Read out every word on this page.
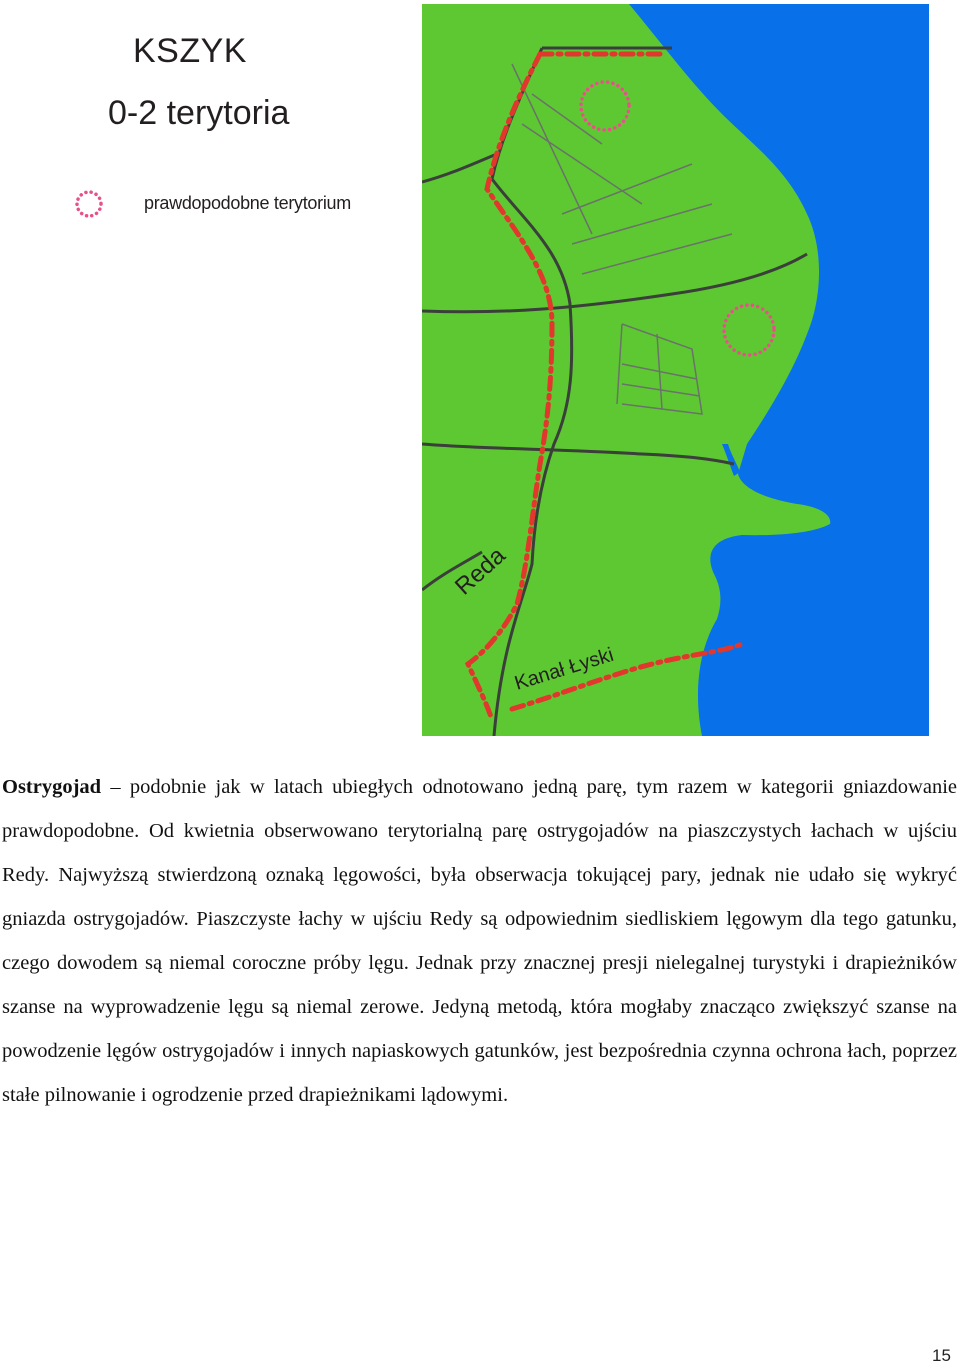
KSZYK
0-2 terytoria
prawdopodobne terytorium
Reda
Kanał Łyski

Ostrygojad – podobnie jak w latach ubiegłych odnotowano jedną parę, tym razem w kategorii gniazdowanie prawdopodobne. Od kwietnia obserwowano terytorialną parę ostrygojadów na piaszczystych łachach w ujściu Redy. Najwyższą stwierdzoną oznaką lęgowości, była obserwacja tokującej pary, jednak nie udało się wykryć gniazda ostrygojadów. Piaszczyste łachy w ujściu Redy są odpowiednim siedliskiem lęgowym dla tego gatunku, czego dowodem są niemal coroczne próby lęgu. Jednak przy znacznej presji nielegalnej turystyki i drapieżników szanse na wyprowadzenie lęgu są niemal zerowe. Jedyną metodą, która mogłaby znacząco zwiększyć szanse na powodzenie lęgów ostrygojadów i innych napiaskowych gatunków, jest bezpośrednia czynna ochrona łach, poprzez stałe pilnowanie i ogrodzenie przed drapieżnikami lądowymi.

15
